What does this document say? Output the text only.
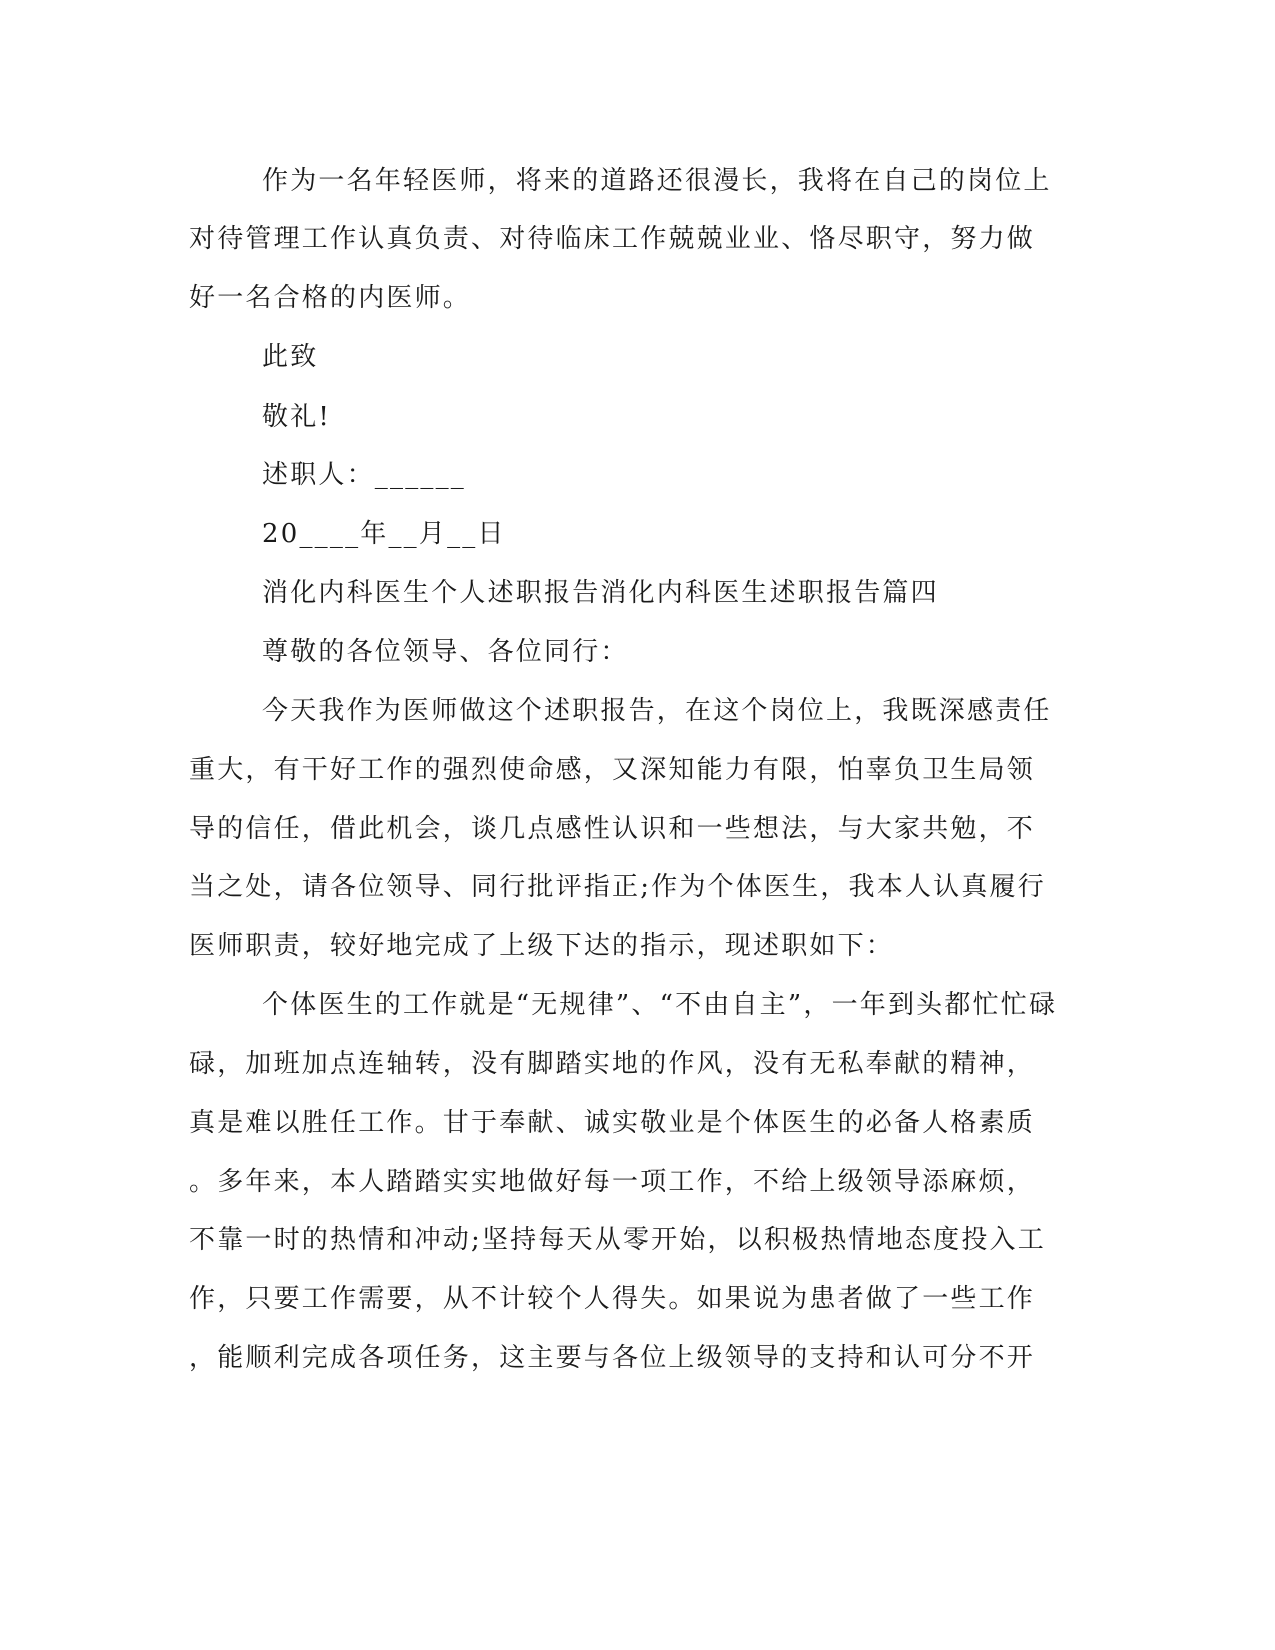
作为一名年轻医师，将来的道路还很漫长，我将在自己的岗位上
对待管理工作认真负责、对待临床工作兢兢业业、恪尽职守，努力做
好一名合格的内医师。
此致
敬礼!
述职人：______
20____年__月__日
消化内科医生个人述职报告消化内科医生述职报告篇四
尊敬的各位领导、各位同行：
今天我作为医师做这个述职报告，在这个岗位上，我既深感责任
重大，有干好工作的强烈使命感，又深知能力有限，怕辜负卫生局领
导的信任，借此机会，谈几点感性认识和一些想法，与大家共勉，不
当之处，请各位领导、同行批评指正;作为个体医生，我本人认真履行
医师职责，较好地完成了上级下达的指示，现述职如下：
个体医生的工作就是“无规律”、“不由自主”，一年到头都忙忙碌
碌，加班加点连轴转，没有脚踏实地的作风，没有无私奉献的精神，
真是难以胜任工作。甘于奉献、诚实敬业是个体医生的必备人格素质
。多年来，本人踏踏实实地做好每一项工作，不给上级领导添麻烦，
不靠一时的热情和冲动;坚持每天从零开始，以积极热情地态度投入工
作，只要工作需要，从不计较个人得失。如果说为患者做了一些工作
，能顺利完成各项任务，这主要与各位上级领导的支持和认可分不开
